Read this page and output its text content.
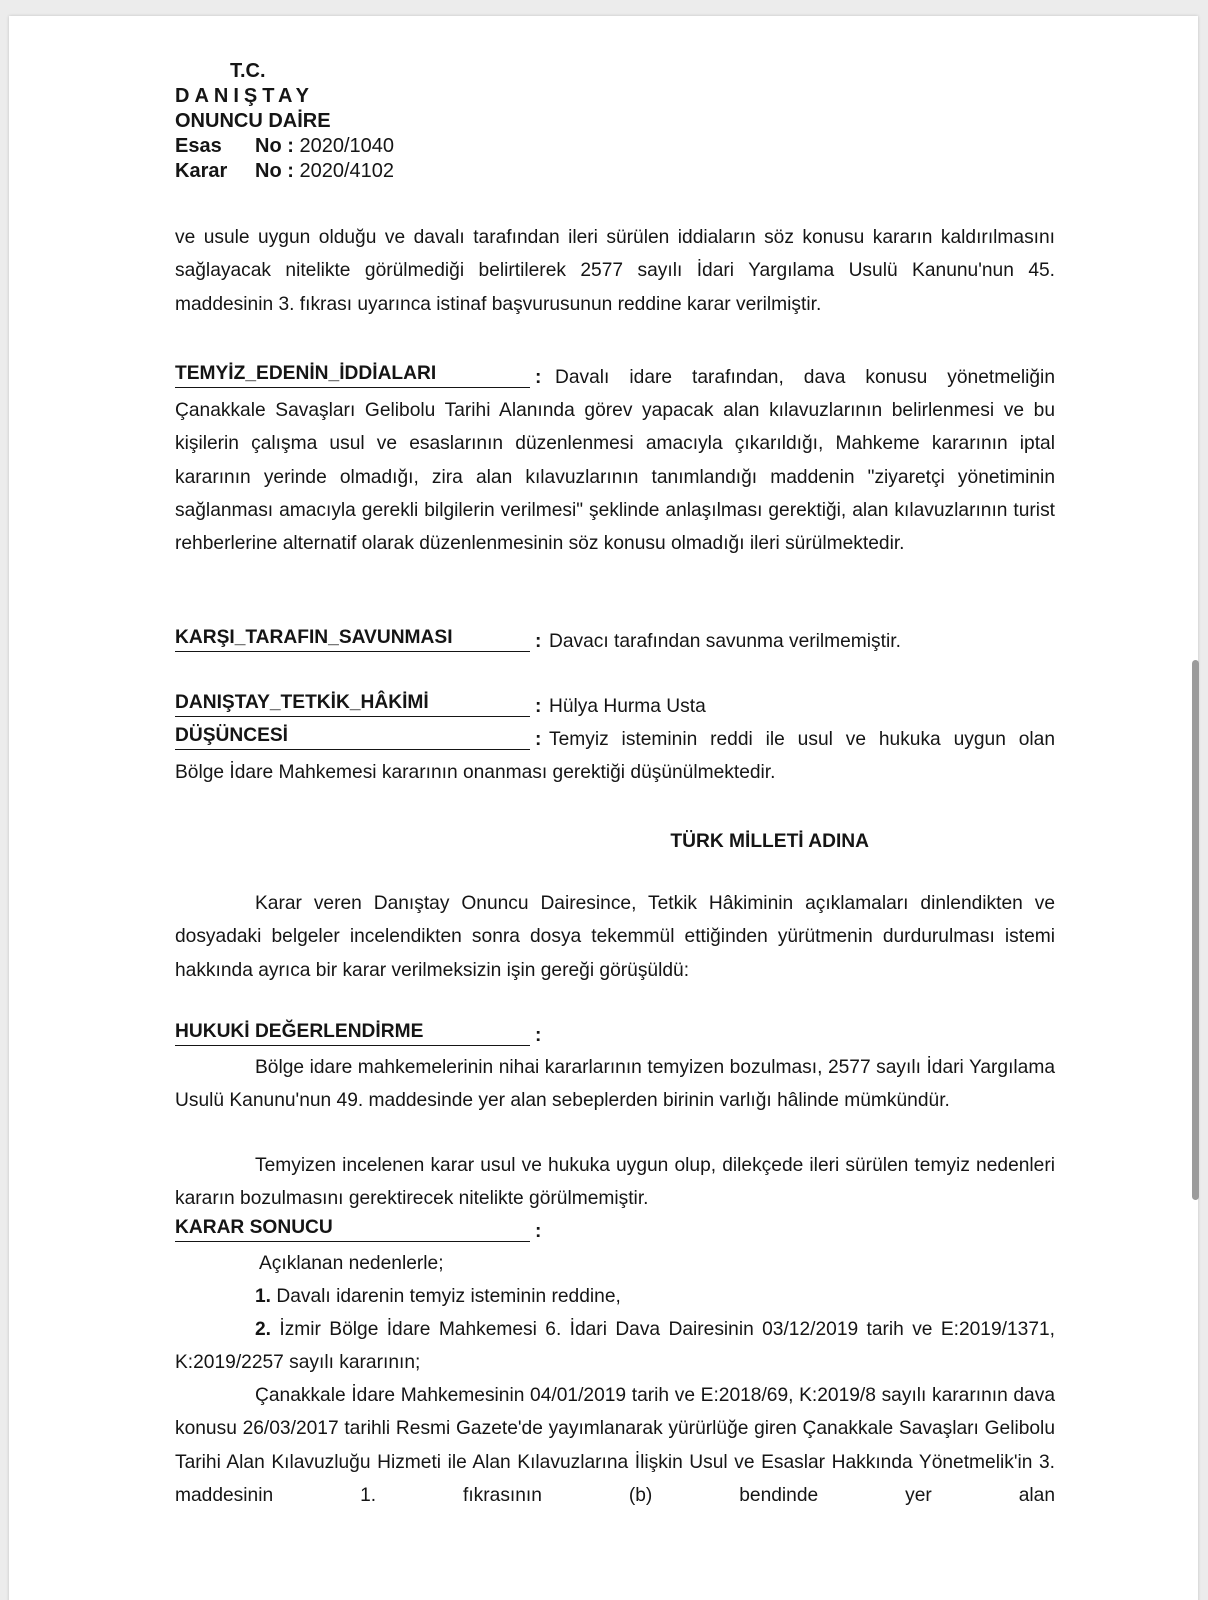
T.C.
DANIŞTAY
ONUNCU DAİRE
Esas No : 2020/1040
Karar No : 2020/4102

ve usule uygun olduğu ve davalı tarafından ileri sürülen iddiaların söz konusu kararın kaldırılmasını sağlayacak nitelikte görülmediği belirtilerek 2577 sayılı İdari Yargılama Usulü Kanunu'nun 45. maddesinin 3. fıkrası uyarınca istinaf başvurusunun reddine karar verilmiştir.

TEMYİZ_EDENİN_İDDİALARI	: Davalı idare tarafından, dava konusu yönetmeliğin

Çanakkale Savaşları Gelibolu Tarihi Alanında görev yapacak alan kılavuzlarının belirlenmesi ve bu kişilerin çalışma usul ve esaslarının düzenlenmesi amacıyla çıkarıldığı, Mahkeme kararının iptal kararının yerinde olmadığı, zira alan kılavuzlarının tanımlandığı maddenin "ziyaretçi yönetiminin sağlanması amacıyla gerekli bilgilerin verilmesi" şeklinde anlaşılması gerektiği, alan kılavuzlarının turist rehberlerine alternatif olarak düzenlenmesinin söz konusu olmadığı ileri sürülmektedir.

KARŞI_TARAFIN_SAVUNMASI	: Davacı tarafından savunma verilmemiştir.
DANIŞTAY_TETKİK_HÂKİMİ	: Hülya Hurma Usta
DÜŞÜNCESİ	: Temyiz isteminin reddi ile usul ve hukuka uygun olan

Bölge İdare Mahkemesi kararının onanması gerektiği düşünülmektedir.

TÜRK MİLLETİ ADINA

Karar veren Danıştay Onuncu Dairesince, Tetkik Hâkiminin açıklamaları dinlendikten ve dosyadaki belgeler incelendikten sonra dosya tekemmül ettiğinden yürütmenin durdurulması istemi hakkında ayrıca bir karar verilmeksizin işin gereği görüşüldü:

HUKUKİ DEĞERLENDİRME	:

Bölge idare mahkemelerinin nihai kararlarının temyizen bozulması, 2577 sayılı İdari Yargılama Usulü Kanunu'nun 49. maddesinde yer alan sebeplerden birinin varlığı hâlinde mümkündür.

Temyizen incelenen karar usul ve hukuka uygun olup, dilekçede ileri sürülen temyiz nedenleri kararın bozulmasını gerektirecek nitelikte görülmemiştir.

KARAR SONUCU	:

Açıklanan nedenlerle;

1. Davalı idarenin temyiz isteminin reddine,

2. İzmir Bölge İdare Mahkemesi 6. İdari Dava Dairesinin 03/12/2019 tarih ve E:2019/1371, K:2019/2257 sayılı kararının;

Çanakkale İdare Mahkemesinin 04/01/2019 tarih ve E:2018/69, K:2019/8 sayılı kararının dava konusu 26/03/2017 tarihli Resmi Gazete'de yayımlanarak yürürlüğe giren Çanakkale Savaşları Gelibolu Tarihi Alan Kılavuzluğu Hizmeti ile Alan Kılavuzlarına İlişkin Usul ve Esaslar Hakkında Yönetmelik'in 3. maddesinin 1. fıkrasının (b) bendinde yer alan
